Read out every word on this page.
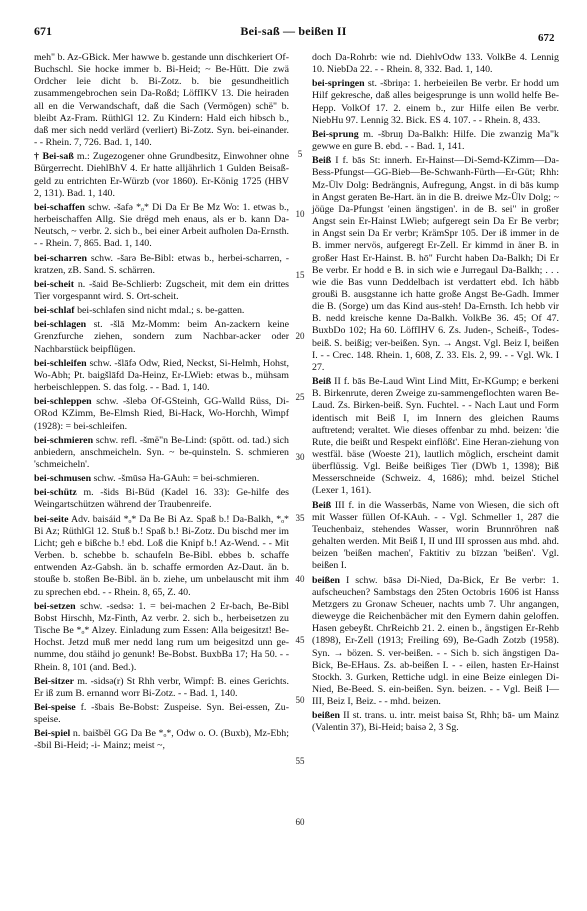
671	Bei-saß — beißen II	672

meh" b. Az-GBick. Mer hawwe b. gestande unn dischkeriert Of-Buchschl. Sie hocke immer b. Bi-Heid; ~ Be-Hütt. Die zwä Ordcher leie dicht b. Bi-Zotz. b. bie gesundheitlich zusammengebrochen sein Da-Roßd; LöffIKV 13. Die heiraden all en die Verwandschaft, daß die Sach (Vermögen) schë" b. bleibt Az-Fram. RüthlGl 12. Zu Kindern: Hald eich hibsch b., daß mer sich nedd verlärd (verliert) Bi-Zotz. Syn. bei-einander. - - Rhein. 7, 726. Bad. 1, 140.

† Bei-saß m.: Zugezogener ohne Grundbesitz, Einwohner ohne Bürgerrecht. DiehlBhV 4. Er hatte alljährlich 1 Gulden Beisaß-geld zu entrichten Er-Würzb (vor 1860). Er-König 1725 (HBV 2, 131). Bad. 1, 140.

bei-schaffen schw. -šafə *ₒ* Di Da Er Be Mz Wo: 1. etwas b., herbeischaffen Allg. Sie drëgd meh enaus, als er b. kann Da-Neutsch, ~ verbr. 2. sich b., bei einer Arbeit aufholen Da-Ernsth. - - Rhein. 7, 865. Bad. 1, 140.

bei-scharren schw. -šarə Be-Bibl: etwas b., herbei-scharren, -kratzen, zB. Sand. S. schärren.

bei-scheit n. -šaid Be-Schlierb: Zugscheit, mit dem ein drittes Tier vorgespannt wird. S. Ort-scheit.

bei-schlaf bei-schlafen sind nicht mdal.; s. be-gatten.

bei-schlagen st. -šlā Mz-Momm: beim An-zackern keine Grenzfurche ziehen, sondern zum Nachbar-acker oder Nachbarstück beipflügen.

bei-schleifen schw. -šlāfə Odw, Ried, Neckst, Si-Helmh, Hohst, Wo-Abh; Pt. baigšlāfd Da-Heinz, Er-LWieb: etwas b., mühsam herbeischleppen. S. das folg. - - Bad. 1, 140.

bei-schleppen schw. -šlebə Of-GSteinh, GG-Walld Rüss, Di-ORod KZimm, Be-Elmsh Ried, Bi-Hack, Wo-Horchh, Wimpf (1928): = bei-schleifen.

bei-schmieren schw. refl. -šmë"n Be-Lind: (spött. od. tad.) sich anbiedern, anschmeicheln. Syn. ~ be-quinsteln. S. schmieren 'schmeicheln'.

bei-schmusen schw. -šmūsə Ha-GAuh: = bei-schmieren.

bei-schütz m. -šids Bi-Büd (Kadel 16. 33): Ge-hilfe des Weingartschützen während der Traubenreife.

bei-seite Adv. baisáid *ₒ* Da Be Bi Az. Spaß b.! Da-Balkh, *ₒ* Bi Az; RüthlGl 12. Stuß b.! Spaß b.! Bi-Zotz. Du bischd mer im Licht; geh e bißche b.! ebd. Loß die Knipf b.! Az-Wend. - - Mit Verben. b. schebbe b. schaufeln Be-Bibl. ebbes b. schaffe entwenden Az-Gabsh. än b. schaffe ermorden Az-Daut. än b. stouße b. stoßen Be-Bibl. än b. ziehe, um unbelauscht mit ihm zu sprechen ebd. - - Rhein. 8, 65, Z. 40.

bei-setzen schw. -sedsə: 1. = bei-machen 2 Er-bach, Be-Bibl Bobst Hirschh, Mz-Finth, Az verbr. 2. sich b., herbeisetzen zu Tische Be *ₒ* Alzey. Einladung zum Essen: Alla beigesitzt! Be-Hochst. Jetzd muß mer nedd lang rum um beigesitzd unn ge-numme, dou stäihd jo genunk! Be-Bobst. BuxbBa 17; Ha 50. - - Rhein. 8, 101 (and. Bed.).

Bei-sitzer m. -sidsə(r) St Rhh verbr, Wimpf: B. eines Gerichts. Er iß zum B. ernannd worr Bi-Zotz. - - Bad. 1, 140.

Bei-speise f. -šbais Be-Bobst: Zuspeise. Syn. Bei-essen, Zu-speise.

Bei-spiel n. baišbël GG Da Be *ₒ*, Odw o. O. (Buxb), Mz-Ebh; -šbil Bi-Heid; -i- Mainz; meist ~,

5
10
15
20
25
30
35
40
45
50
55
60

doch Da-Rohrb: wie nd. DiehlvOdw 133. VolkBe 4. Lennig 10. NiebDa 22. - - Rhein. 8, 332. Bad. 1, 140.

bei-springen st. -šbriŋə: 1. herbeieilen Be verbr. Er hodd um Hilf gekresche, daß alles beigesprunge is unn wolld helfe Be-Hepp. VolkOf 17. 2. einem b., zur Hilfe eilen Be verbr. NiebHu 97. Lennig 32. Bick. ES 4. 107. - - Rhein. 8, 433.

Bei-sprung m. -šbruŋ Da-Balkh: Hilfe. Die zwanzig Ma"k gewwe en gure B. ebd. - - Bad. 1, 141.

Beiß I f. bās St: innerh. Er-Hainst—Di-Semd-KZimm—Da-Bess-Pfungst—GG-Bieb—Be-Schwanh-Fürth—Er-Güt; Rhh: Mz-Ülv Dolg: Bedrängnis, Aufregung, Angst. in di bās kump in Angst geraten Be-Hart. än in die B. dreiwe Mz-Ülv Dolg; ~ jöüge Da-Pfungst 'einen ängstigen'. in de B. sei" in großer Angst sein Er-Hainst LWieb; aufgeregt sein Da Er Be verbr; in Angst sein Da Er verbr; KrämSpr 105. Der iß immer in de B. immer nervös, aufgeregt Er-Zell. Er kimmd in äner B. in großer Hast Er-Hainst. B. hō" Furcht haben Da-Balkh; Di Er Be verbr. Er hodd e B. in sich wie e Jurregaul Da-Balkh; . . . wie die Bas vunn Deddelbach ist verdattert ebd. Ich häbb groußi B. ausgstanne ich hatte große Angst Be-Gadh. Immer die B. (Sorge) um das Kind aus-steh! Da-Ernsth. Ich hebb vir B. nedd kreische kenne Da-Balkh. VolkBe 36. 45; Of 47. BuxbDo 102; Ha 60. LöffIHV 6. Zs. Juden-, Scheiß-, Todes-beiß. S. beißig; ver-beißen. Syn. → Angst. Vgl. Beiz I, beißen I. - - Crec. 148. Rhein. 1, 608, Z. 33. Els. 2, 99. - - Vgl. Wk. I 27.

Beiß II f. bās Be-Laud Wint Lind Mitt, Er-KGump; e berkeni B. Birkenrute, deren Zweige zu-sammengeflochten waren Be-Laud. Zs. Birken-beiß. Syn. Fuchtel. - - Nach Laut und Form identisch mit Beiß I, im Innern des gleichen Raums auftretend; veraltet. Wie dieses offenbar zu mhd. beizen: 'die Rute, die beißt und Respekt einflößt'. Eine Heran-ziehung von westfäl. bäse (Woeste 21), lautlich möglich, erscheint damit überflüssig. Vgl. Beiße beißiges Tier (DWb 1, 1398); Biß Messerschneide (Schweiz. 4, 1686); mhd. beizel Stichel (Lexer 1, 161).

Beiß III f. in die Wasserbās, Name von Wiesen, die sich oft mit Wasser füllen Of-KAuh. - - Vgl. Schmeller 1, 287 die Teuchenbaiz, stehendes Wasser, worin Brunnröhren naß gehalten werden. Mit Beiß I, II und III sprossen aus mhd. ahd. beizen 'beißen machen', Faktitiv zu bīzzan 'beißen'. Vgl. beißen I.

beißen I schw. bāsə Di-Nied, Da-Bick, Er Be verbr: 1. aufscheuchen? Sambstags den 25ten Octobris 1606 ist Hanss Metzgers zu Gronaw Scheuer, nachts umb 7. Uhr angangen, dieweyge die Reichenbächer mit den Eymern dahin geloffen. Hasen gebeyßt. ChrReichb 21. 2. einen b., ängstigen Er-Rehb (1898), Er-Zell (1913; Freiling 69), Be-Gadh Zotzb (1958). Syn. → bözen. S. ver-beißen. - - Sich b. sich ängstigen Da-Bick, Be-EHaus. Zs. ab-beißen I. - - eilen, hasten Er-Hainst Stockh. 3. Gurken, Rettiche udgl. in eine Beize einlegen Di-Nied, Be-Beed. S. ein-beißen. Syn. beizen. - - Vgl. Beiß I—III, Beiz I, Beiz. - - mhd. beizen.

beißen II st. trans. u. intr. meist baisə St, Rhh; bā- um Mainz (Valentin 37), Bi-Heid; baisə 2, 3 Sg.
